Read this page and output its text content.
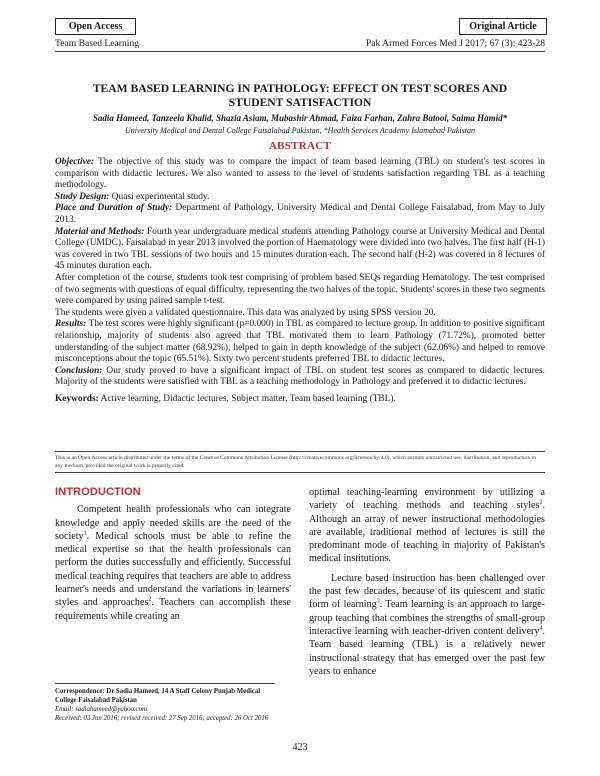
Open Access	Original Article
Team Based Learning	Pak Armed Forces Med J 2017; 67 (3): 423-28
TEAM BASED LEARNING IN PATHOLOGY: EFFECT ON TEST SCORES AND STUDENT SATISFACTION
Sadia Hameed, Tanzeela Khalid, Shazia Aslam, Mubashir Ahmad, Faiza Farhan, Zahra Batool, Saima Hamid*
University Medical and Dental College Faisalabad Pakistan, *Health Services Academy Islamabad Pakistan
ABSTRACT

Objective: The objective of this study was to compare the impact of team based learning (TBL) on student's test scores in comparison with didactic lectures. We also wanted to assess to the level of students satisfaction regarding TBL as a teaching methodology.

Study Design: Quasi experimental study.

Place and Duration of Study: Department of Pathology, University Medical and Dental College Faisalabad, from May to July 2013.

Material and Methods: Fourth year undergraduate medical students attending Pathology course at University Medical and Dental College (UMDC), Faisalabad in year 2013 involved the portion of Haematology were divided into two halves. The first half (H-1) was covered in two TBL sessions of two hours and 15 minutes duration each. The second half (H-2) was covered in 8 lectures of 45 minutes duration each.

After completion of the course, students took test comprising of problem based SEQs regarding Hematology. The test comprised of two segments with questions of equal difficulty, representing the two halves of the topic. Students' scores in these two segments were compared by using paired sample t-test.

The students were given a validated questionnaire. This data was analyzed by using SPSS version 20.

Results: The test scores were highly significant (p=0.000) in TBL as compared to lecture group. In addition to positive significant relationship, majority of students also agreed that TBL motivated them to learn Pathology (71.72%), promoted better understanding of the subject matter (68.92%), helped to gain in depth knowledge of the subject (62.06%) and helped to remove misconceptions about the topic (65.51%). Sixty two percent students preferred TBL to didactic lectures.

Conclusion: Our study proved to have a significant impact of TBL on student test scores as compared to didactic lectures. Majority of the students were satisfied with TBL as a teaching methodology in Pathology and preferred it to didactic lectures.

Keywords: Active learning, Didactic lectures, Subject matter, Team based learning (TBL).

This is an Open Access article distributed under the terms of the Creative Commons Attribution License (http://creativecommons.org/licenses/by/4.0), which permits unrestricted use, distribution, and reproduction in any medium, provided the original work is properly cited.
INTRODUCTION

Competent health professionals who can integrate knowledge and apply needed skills are the need of the society$^1$. Medical schools must be able to refine the medical expertise so that the health professionals can perform the duties successfully and efficiently. Successful medical teaching requires that teachers are able to address learner's needs and understand the variations in learners' styles and approaches$^2$. Teachers can accomplish these requirements while creating an

optimal teaching-learning environment by utilizing a variety of teaching methods and teaching styles$^2$. Although an array of newer instructional methodologies are available, traditional method of lectures is still the predominant mode of teaching in majority of Pakistan's medical institutions.

Lecture based instruction has been challenged over the past few decades, because of its quiescent and static form of learning$^3$. Team learning is an approach to large-group teaching that combines the strengths of small-group interactive learning with teacher-driven content delivery$^4$. Team based learning (TBL) is a relatively newer instructional strategy that has emerged over the past few years to enhance

Correspondence: Dr Sadia Hameed, 14 A Staff Colony Punjab Medical College Faisalabad Pakistan

Email: sadiahameed@yahoo.com

Received: 03 Jun 2016; revised received: 27 Sep 2016; accepted: 26 Oct 2016

423
